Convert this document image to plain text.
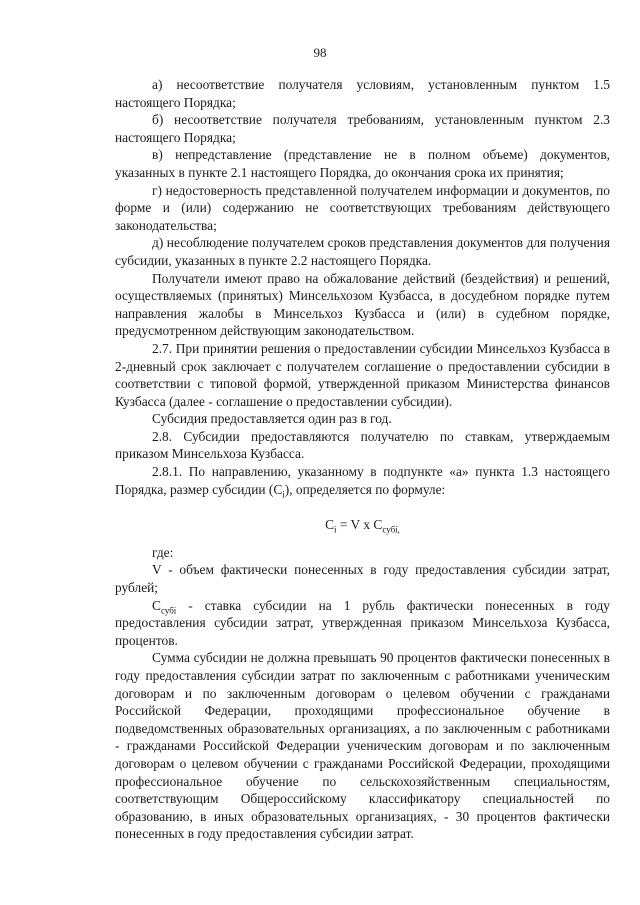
98

а) несоответствие получателя условиям, установленным пунктом 1.5 настоящего Порядка;

б) несоответствие получателя требованиям, установленным пунктом 2.3 настоящего Порядка;

в) непредставление (представление не в полном объеме) документов, указанных в пункте 2.1 настоящего Порядка, до окончания срока их принятия;

г) недостоверность представленной получателем информации и документов, по форме и (или) содержанию не соответствующих требованиям действующего законодательства;

д) несоблюдение получателем сроков представления документов для получения субсидии, указанных в пункте 2.2 настоящего Порядка.

Получатели имеют право на обжалование действий (бездействия) и решений, осуществляемых (принятых) Минсельхозом Кузбасса, в досудебном порядке путем направления жалобы в Минсельхоз Кузбасса и (или) в судебном порядке, предусмотренном действующим законодательством.

2.7. При принятии решения о предоставлении субсидии Минсельхоз Кузбасса в 2-дневный срок заключает с получателем соглашение о предоставлении субсидии в соответствии с типовой формой, утвержденной приказом Министерства финансов Кузбасса (далее - соглашение о предоставлении субсидии).

Субсидия предоставляется один раз в год.

2.8. Субсидии предоставляются получателю по ставкам, утверждаемым приказом Минсельхоза Кузбасса.

2.8.1. По направлению, указанному в подпункте «а» пункта 1.3 настоящего Порядка, размер субсидии $(С_i)$, определяется по формуле:

$С_i = V$ х $С_{субi,}$

где:

V - объем фактически понесенных в году предоставления субсидии затрат, рублей;

$С_{субi}$ - ставка субсидии на 1 рубль фактически понесенных в году предоставления субсидии затрат, утвержденная приказом Минсельхоза Кузбасса, процентов.

Сумма субсидии не должна превышать 90 процентов фактически понесенных в году предоставления субсидии затрат по заключенным с работниками ученическим договорам и по заключенным договорам о целевом обучении с гражданами Российской Федерации, проходящими профессиональное обучение в подведомственных образовательных организациях, а по заключенным с работниками - гражданами Российской Федерации ученическим договорам и по заключенным договорам о целевом обучении с гражданами Российской Федерации, проходящими профессиональное обучение по сельскохозяйственным специальностям, соответствующим Общероссийскому классификатору специальностей по образованию, в иных образовательных организациях, - 30 процентов фактически понесенных в году предоставления субсидии затрат.
